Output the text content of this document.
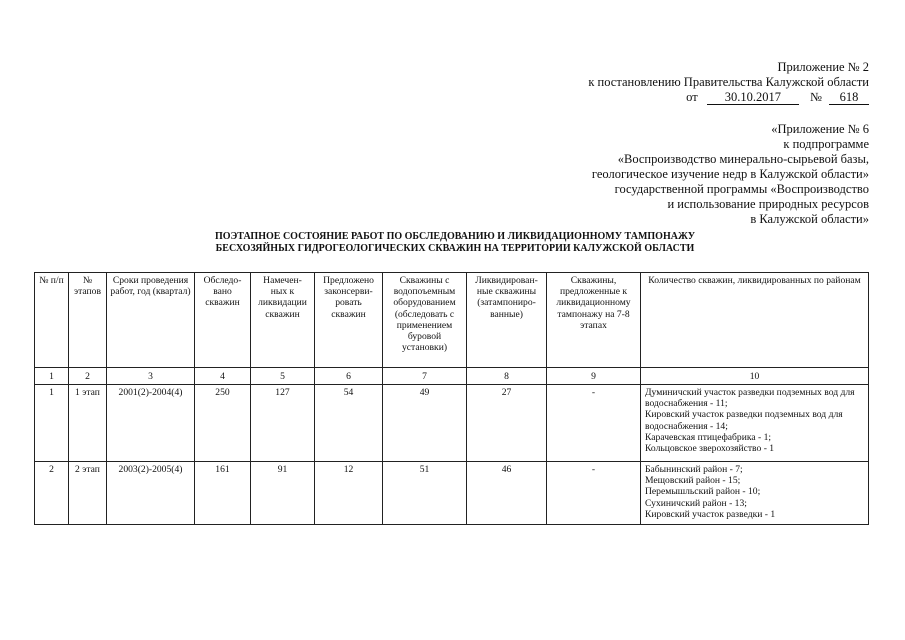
Приложение № 2
к постановлению Правительства Калужской области
от 30.10.2017 № 618
«Приложение № 6
к подпрограмме
«Воспроизводство минерально-сырьевой базы,
геологическое изучение недр в Калужской области»
государственной программы «Воспроизводство
и использование природных ресурсов
в Калужской области»
ПОЭТАПНОЕ СОСТОЯНИЕ РАБОТ ПО ОБСЛЕДОВАНИЮ И ЛИКВИДАЦИОННОМУ ТАМПОНАЖУ
БЕСХОЗЯЙНЫХ ГИДРОГЕОЛОГИЧЕСКИХ СКВАЖИН НА ТЕРРИТОРИИ КАЛУЖСКОЙ ОБЛАСТИ
№ п/п	№ этапов	Сроки проведения работ, год (квартал)	Обследо- вано скважин	Намечен- ных к ликвидации скважин	Предложено законсерви- ровать скважин	Скважины с водопоъемным оборудованием (обследовать с применением буровой установки)	Ликвидирован- ные скважины (затампониро- ванные)	Скважины, предложенные к ликвидационному тампонажу на 7-8 этапах	Количество скважин, ликвидированных по районам
1	2	3	4	5	6	7	8	9	10
1	1 этап	2001(2)-2004(4)	250	127	54	49	27	-	Думиничский участок разведки подземных вод для водоснабжения - 11;
Кировский участок разведки подземных вод для водоснабжения - 14;
Карачевская птицефабрика - 1;
Кольцовское зверохозяйство - 1

2	2 этап	2003(2)-2005(4)	161	91	12	51	46	-	Бабынинский район - 7;
Мещовский район - 15;
Перемышльский район - 10;
Сухиничский район - 13;
Кировский участок разведки - 1
